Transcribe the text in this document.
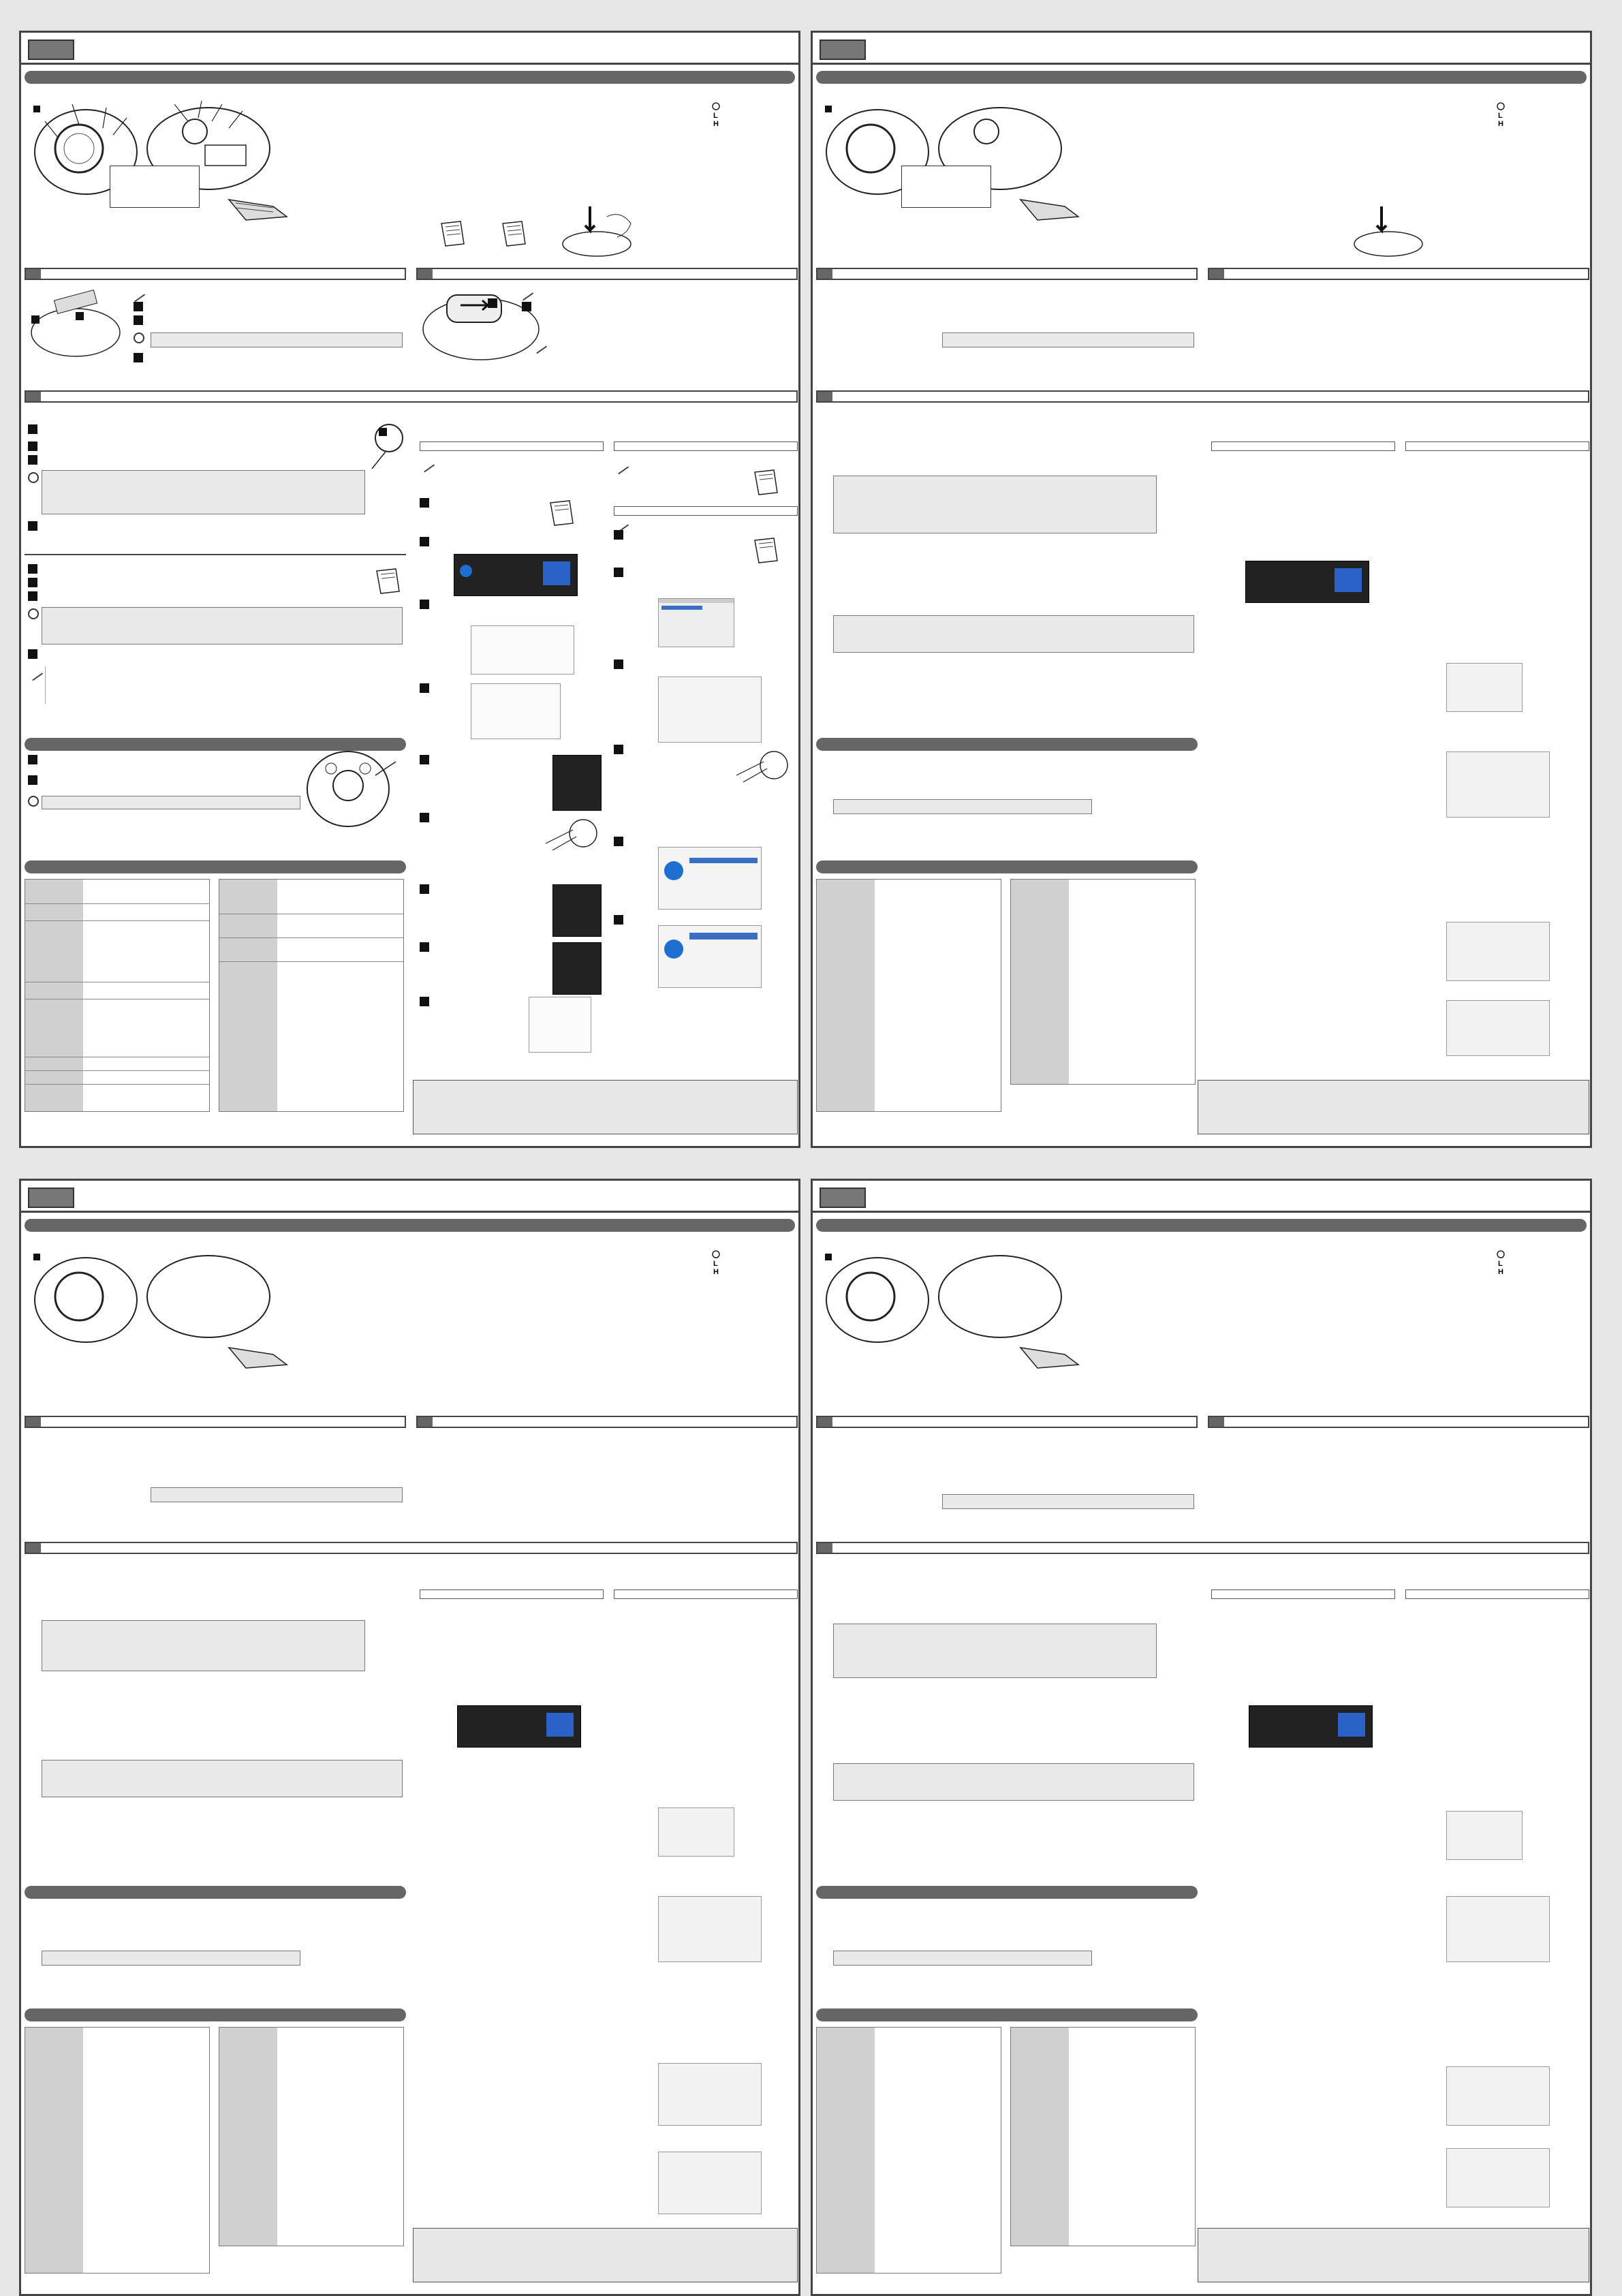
L
H
L
H
L
H
L
H
